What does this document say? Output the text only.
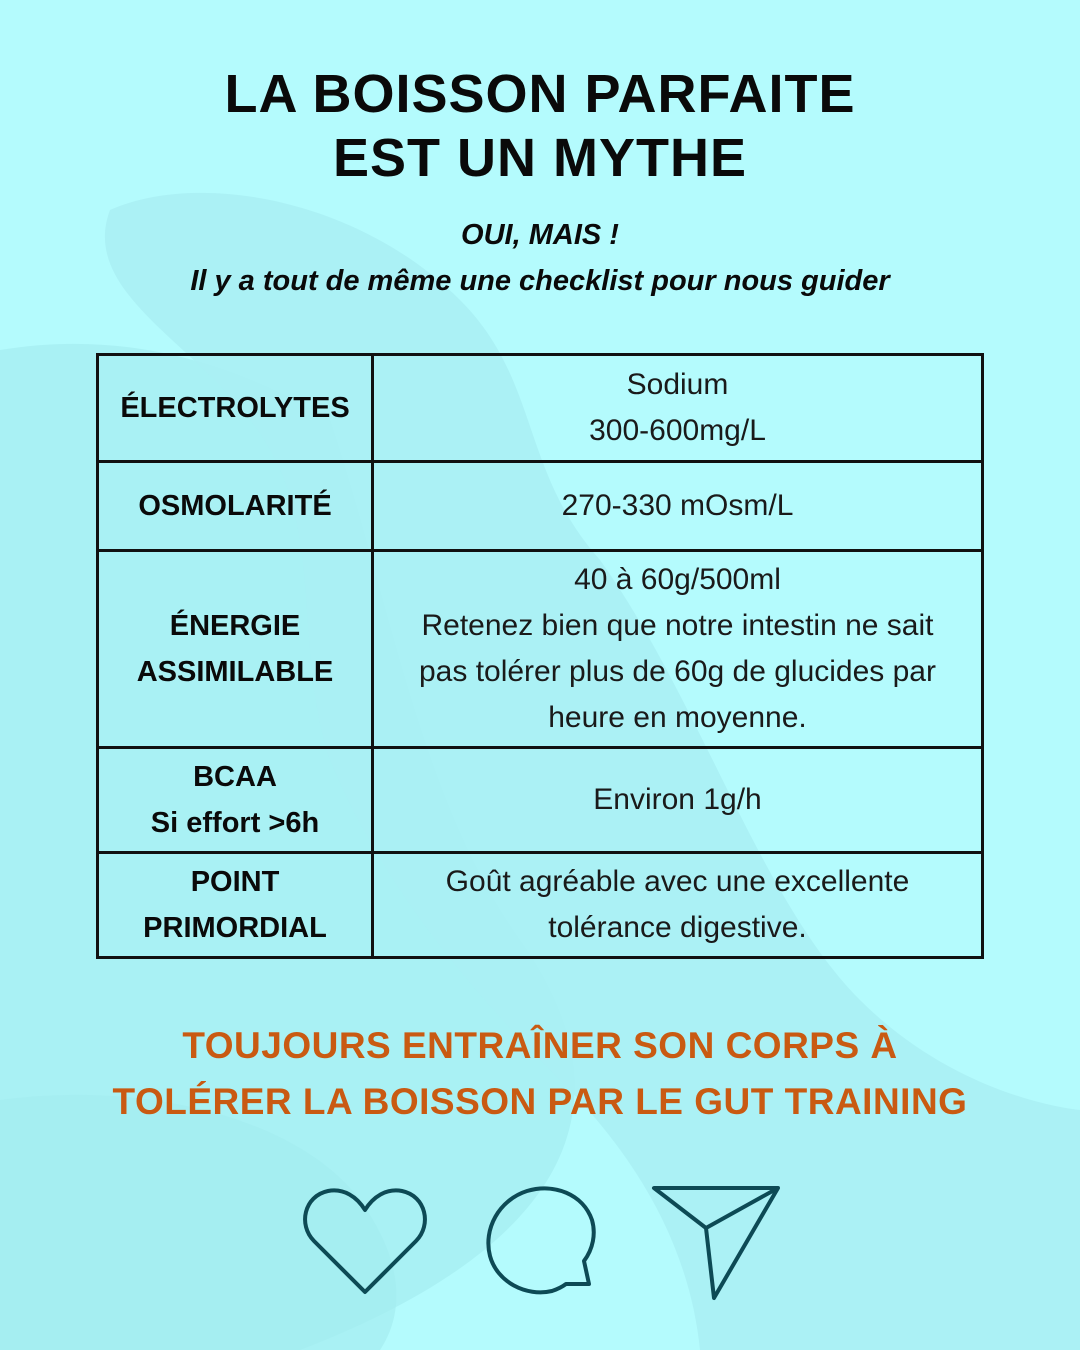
LA BOISSON PARFAITE
EST UN MYTHE
OUI, MAIS !
Il y a tout de même une checklist pour nous guider
ÉLECTROLYTES	Sodium
300-600mg/L

OSMOLARITÉ	270-330 mOsm/L

ÉNERGIE
ASSIMILABLE	40 à 60g/500ml
Retenez bien que notre intestin ne sait
pas tolérer plus de 60g de glucides par
heure en moyenne.

BCAA
Si effort >6h	Environ 1g/h

POINT
PRIMORDIAL	Goût agréable avec une excellente
tolérance digestive.
TOUJOURS ENTRAÎNER SON CORPS À
TOLÉRER LA BOISSON PAR LE GUT TRAINING
